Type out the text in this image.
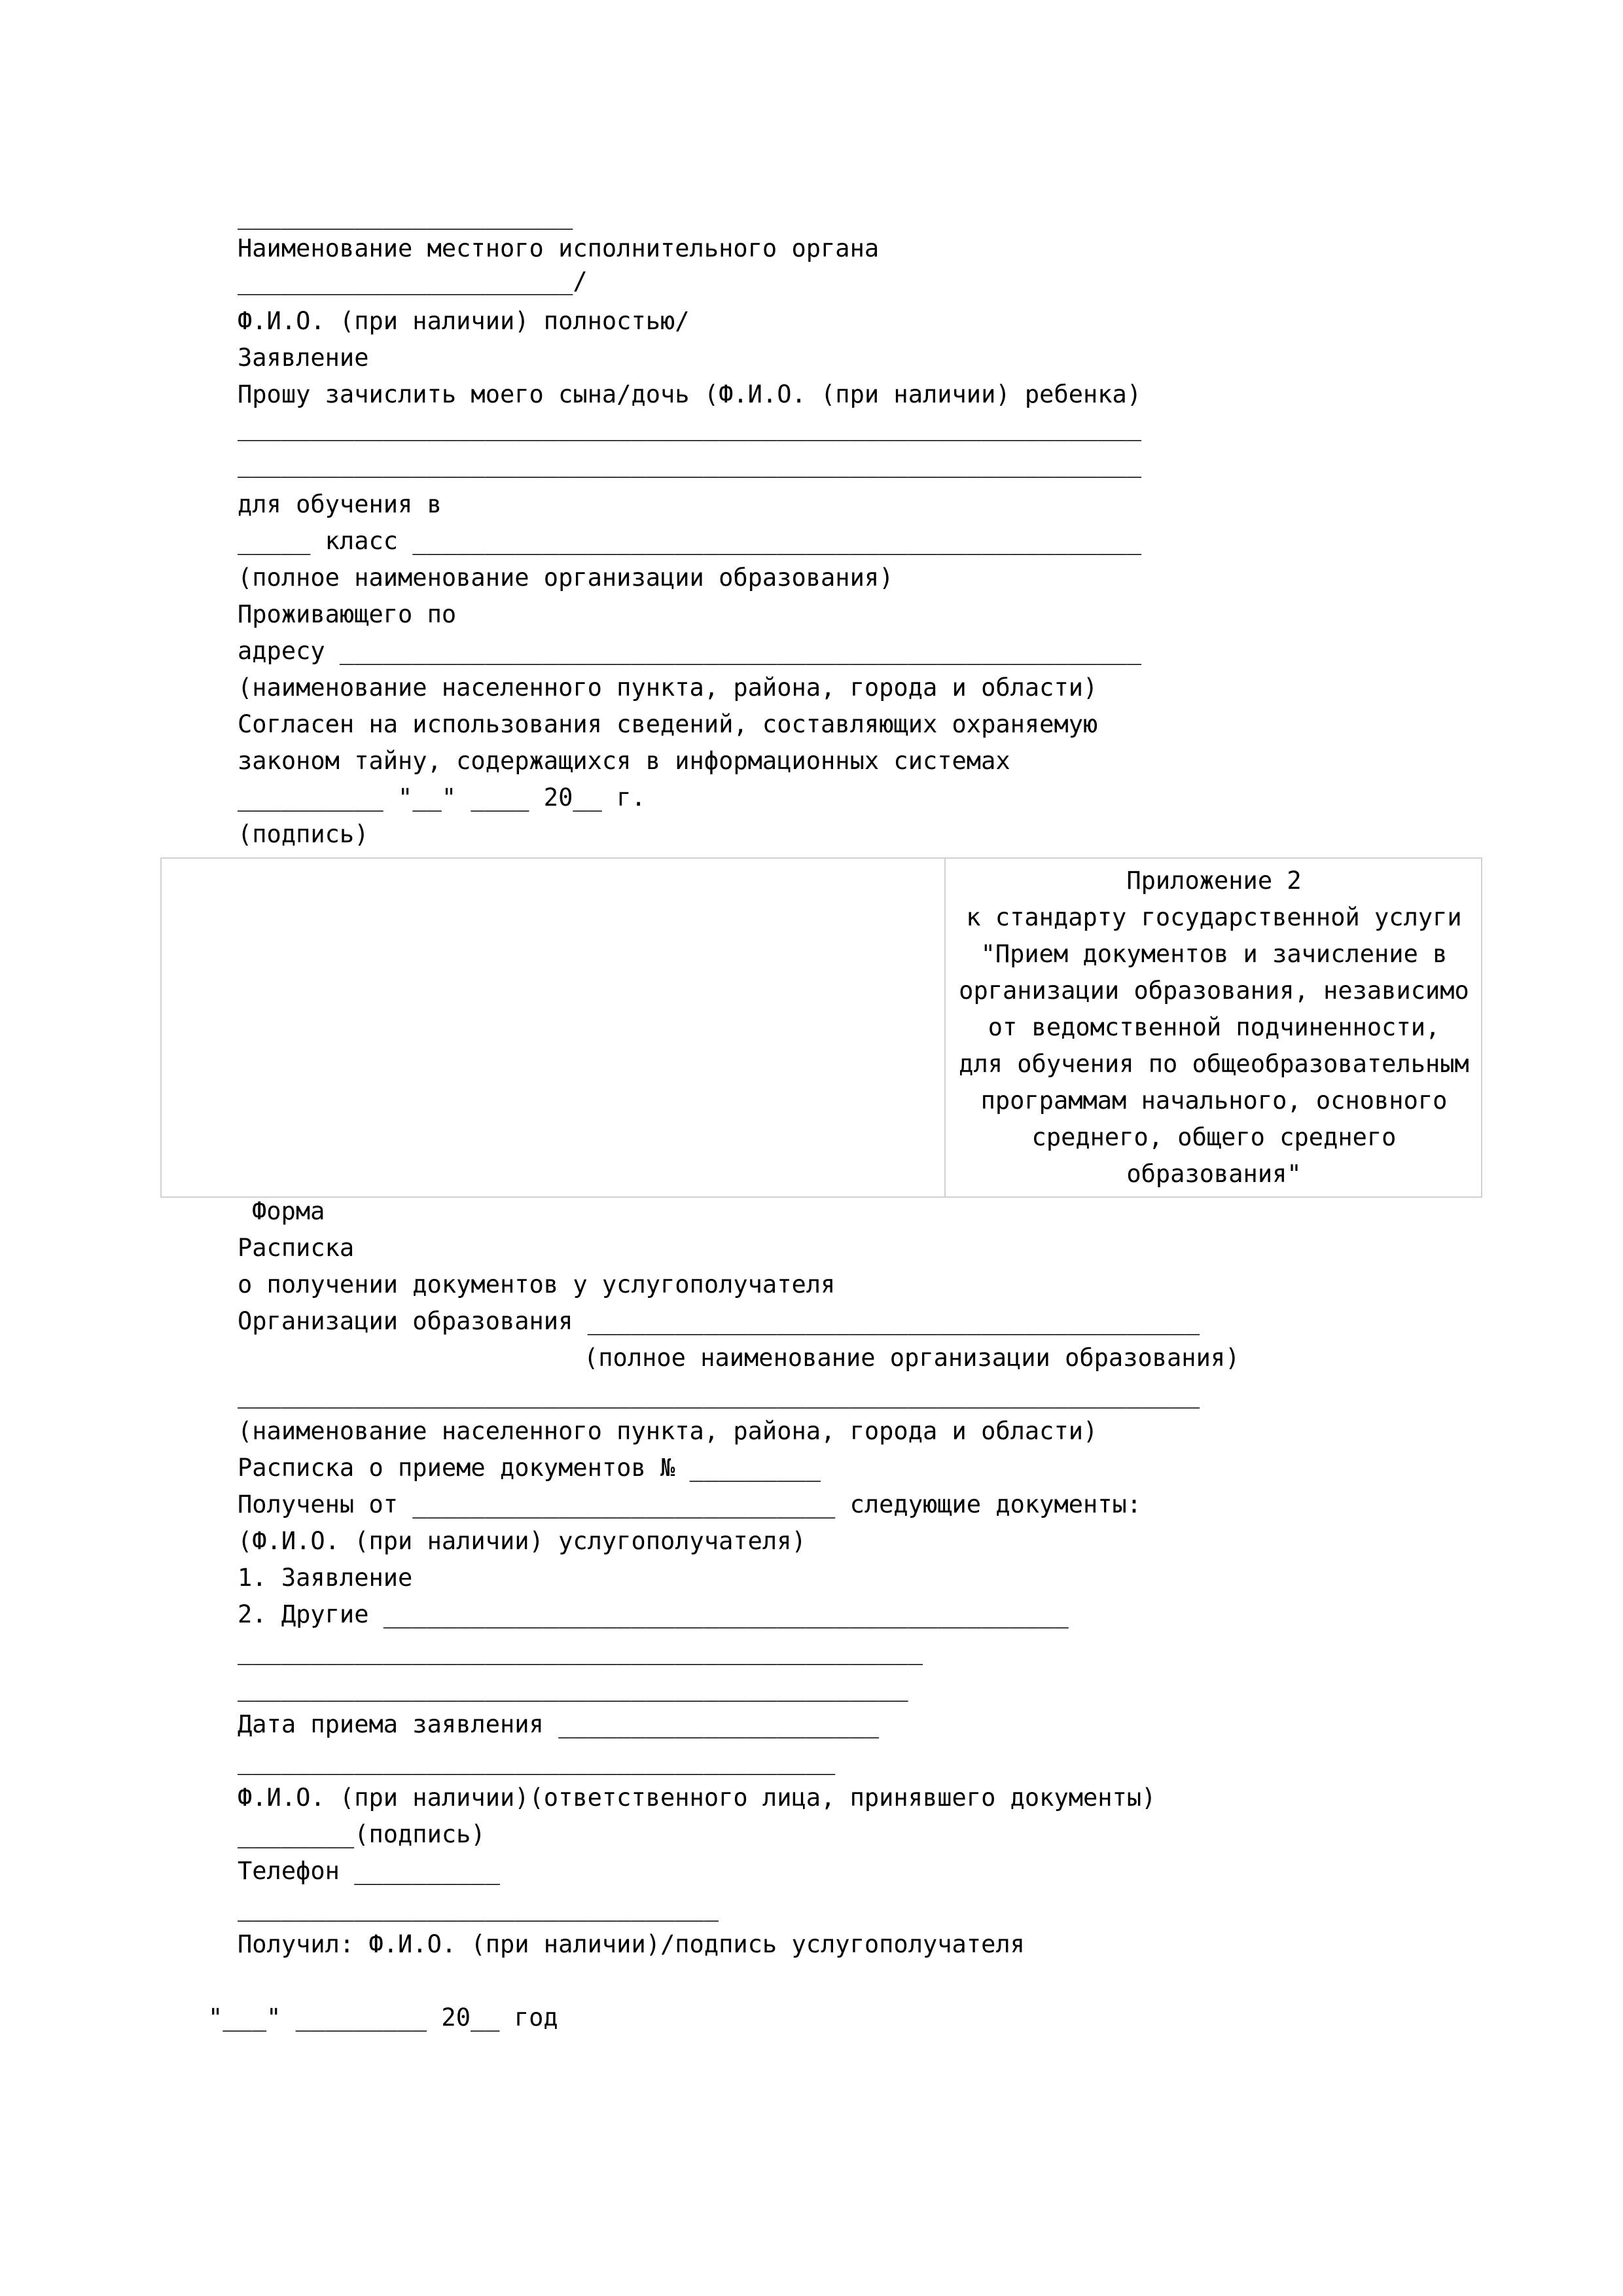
_______________________
Наименование местного исполнительного органа
_______________________/
Ф.И.О. (при наличии) полностью/
Заявление
Прошу зачислить моего сына/дочь (Ф.И.О. (при наличии) ребенка)
______________________________________________________________
______________________________________________________________
для обучения в
_____ класс __________________________________________________
(полное наименование организации образования)
Проживающего по
адресу _______________________________________________________
(наименование населенного пункта, района, города и области)
Согласен на использования сведений, составляющих охраняемую
законом тайну, содержащихся в информационных системах
__________ "__" ____ 20__ г.
(подпись)
Приложение 2
к стандарту государственной услуги
"Прием документов и зачисление в
организации образования, независимо
от ведомственной подчиненности,
для обучения по общеобразовательным
программам начального, основного
среднего, общего среднего
образования"
Форма
Расписка
о получении документов у услугополучателя
Организации образования __________________________________________
(полное наименование организации образования)
__________________________________________________________________
(наименование населенного пункта, района, города и области)
Расписка о приеме документов № _________
Получены от _____________________________ следующие документы:
(Ф.И.О. (при наличии) услугополучателя)
1. Заявление
2. Другие _______________________________________________
_______________________________________________
______________________________________________
Дата приема заявления ______________________
_________________________________________
Ф.И.О. (при наличии)(ответственного лица, принявшего документы)
________(подпись)
Телефон __________
_________________________________
Получил: Ф.И.О. (при наличии)/подпись услугополучателя
"___" _________ 20__ год
